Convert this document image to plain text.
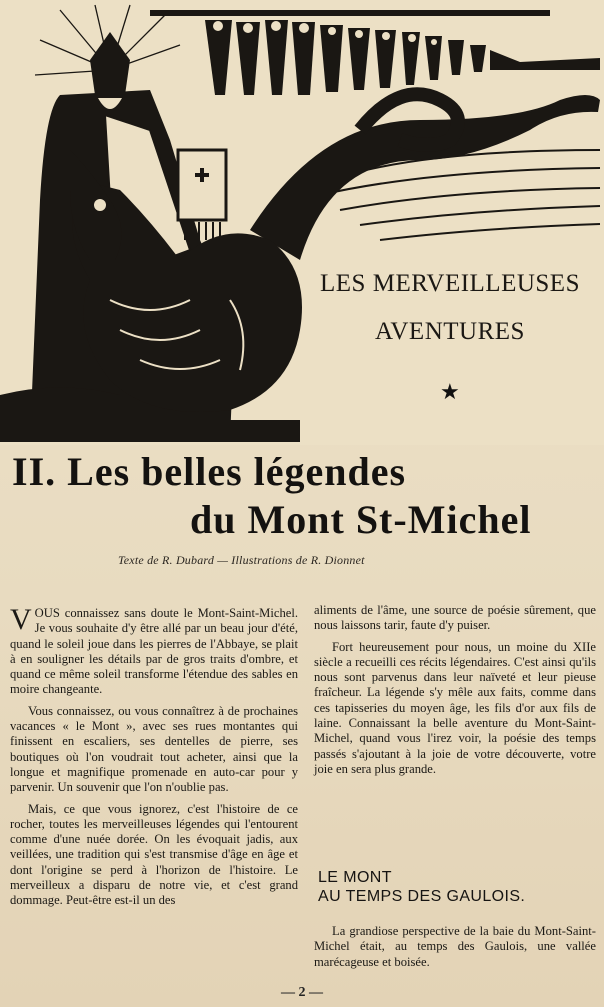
LES MERVEILLEUSES
AVENTURES
★
II. Les belles légendes
du Mont St-Michel
Texte de R. Dubard — Illustrations de R. Dionnet

VOUS connaissez sans doute le Mont-Saint-Michel. Je vous souhaite d'y être allé par un beau jour d'été, quand le soleil joue dans les pierres de l'Abbaye, se plait à en souligner les détails par de gros traits d'ombre, et quand ce même soleil transforme l'étendue des sables en moire changeante.

Vous connaissez, ou vous connaîtrez à de prochaines vacances « le Mont », avec ses rues montantes qui finissent en escaliers, ses dentelles de pierre, ses boutiques où l'on voudrait tout acheter, ainsi que la longue et magnifique promenade en auto-car pour y parvenir. Un souvenir que l'on n'oublie pas.

Mais, ce que vous ignorez, c'est l'histoire de ce rocher, toutes les merveilleuses légendes qui l'entourent comme d'une nuée dorée. On les évoquait jadis, aux veillées, une tradition qui s'est transmise d'âge en âge et dont l'origine se perd à l'horizon de l'histoire. Le merveilleux a disparu de notre vie, et c'est grand dommage. Peut-être est-il un des

aliments de l'âme, une source de poésie sûrement, que nous laissons tarir, faute d'y puiser.

Fort heureusement pour nous, un moine du XIIe siècle a recueilli ces récits légendaires. C'est ainsi qu'ils nous sont parvenus dans leur naïveté et leur pieuse fraîcheur. La légende s'y mêle aux faits, comme dans ces tapisseries du moyen âge, les fils d'or aux fils de laine. Connaissant la belle aventure du Mont-Saint-Michel, quand vous l'irez voir, la poésie des temps passés s'ajoutant à la joie de votre découverte, votre joie en sera plus grande.

LE MONT
AU TEMPS DES GAULOIS.

La grandiose perspective de la baie du Mont-Saint-Michel était, au temps des Gaulois, une vallée marécageuse et boisée.

— 2 —
